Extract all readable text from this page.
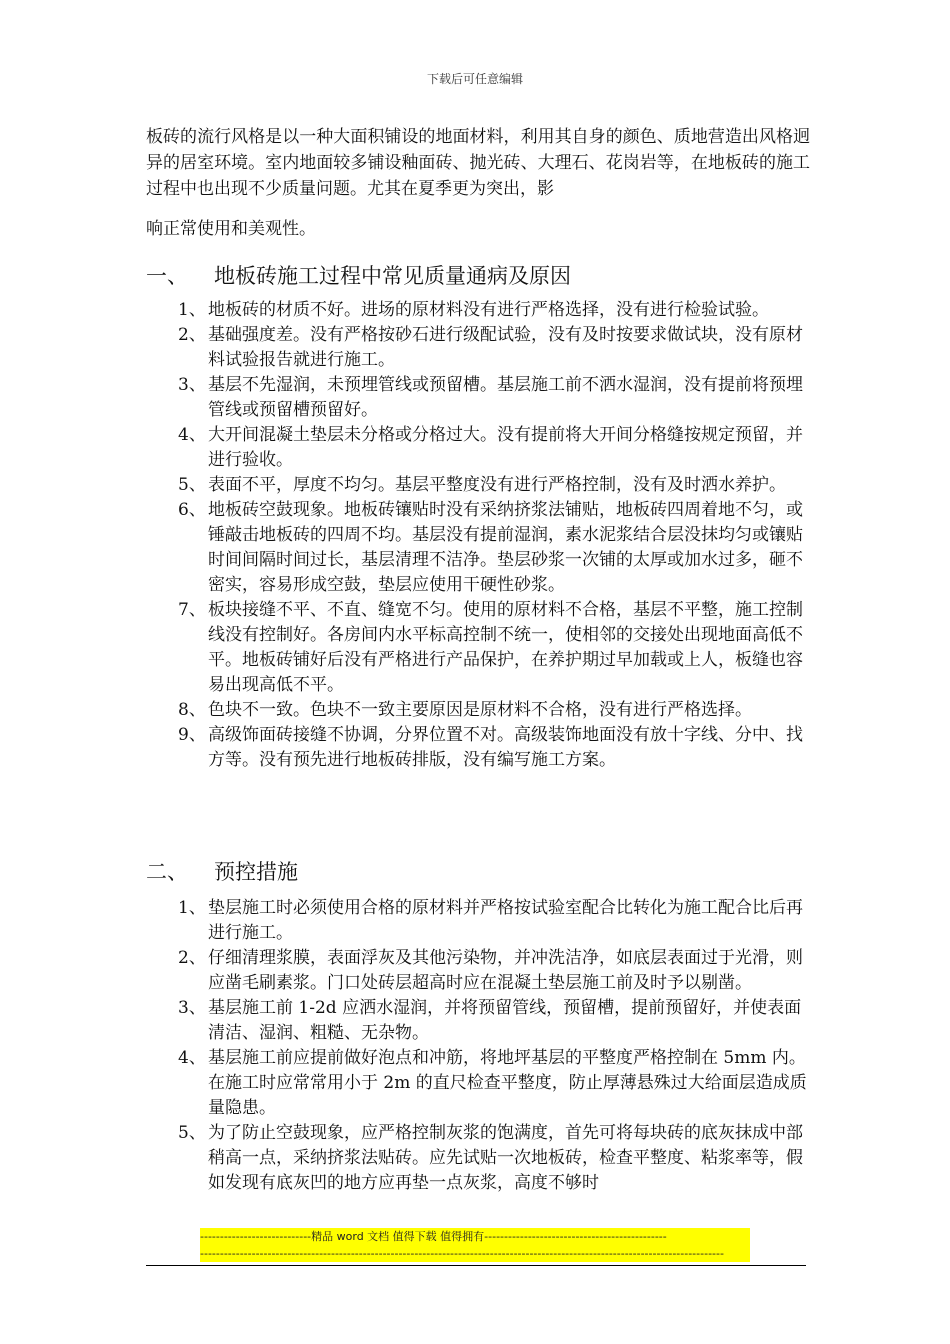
下载后可任意编辑

板砖的流行风格是以一种大面积铺设的地面材料，利用其自身的颜色、质地营造出风格迥异的居室环境。室内地面较多铺设釉面砖、抛光砖、大理石、花岗岩等，在地板砖的施工过程中也出现不少质量问题。尤其在夏季更为突出，影

响正常使用和美观性。

一、 地板砖施工过程中常见质量通病及原因
1、 地板砖的材质不好。进场的原材料没有进行严格选择，没有进行检验试验。
2、 基础强度差。没有严格按砂石进行级配试验，没有及时按要求做试块，没有原材料试验报告就进行施工。
3、 基层不先湿润，未预埋管线或预留槽。基层施工前不洒水湿润，没有提前将预埋管线或预留槽预留好。
4、 大开间混凝土垫层未分格或分格过大。没有提前将大开间分格缝按规定预留，并进行验收。
5、 表面不平，厚度不均匀。基层平整度没有进行严格控制，没有及时洒水养护。
6、 地板砖空鼓现象。地板砖镶贴时没有采纳挤浆法铺贴，地板砖四周着地不匀，或锤敲击地板砖的四周不均。基层没有提前湿润，素水泥浆结合层没抹均匀或镶贴时间间隔时间过长，基层清理不洁净。垫层砂浆一次铺的太厚或加水过多，砸不密实，容易形成空鼓，垫层应使用干硬性砂浆。
7、 板块接缝不平、不直、缝宽不匀。使用的原材料不合格，基层不平整，施工控制线没有控制好。各房间内水平标高控制不统一，使相邻的交接处出现地面高低不平。地板砖铺好后没有严格进行产品保护，在养护期过早加载或上人，板缝也容易出现高低不平。
8、 色块不一致。色块不一致主要原因是原材料不合格，没有进行严格选择。
9、 高级饰面砖接缝不协调，分界位置不对。高级装饰地面没有放十字线、分中、找方等。没有预先进行地板砖排版，没有编写施工方案。
二、 预控措施
1、 垫层施工时必须使用合格的原材料并严格按试验室配合比转化为施工配合比后再进行施工。
2、 仔细清理浆膜，表面浮灰及其他污染物，并冲洗洁净，如底层表面过于光滑，则应凿毛刷素浆。门口处砖层超高时应在混凝土垫层施工前及时予以剔凿。
3、 基层施工前 1-2d 应洒水湿润，并将预留管线，预留槽，提前预留好，并使表面清洁、湿润、粗糙、无杂物。
4、 基层施工前应提前做好泡点和冲筋，将地坪基层的平整度严格控制在 5mm 内。在施工时应常常用小于 2m 的直尺检查平整度，防止厚薄悬殊过大给面层造成质量隐患。
5、 为了防止空鼓现象，应严格控制灰浆的饱满度，首先可将每块砖的底灰抹成中部稍高一点，采纳挤浆法贴砖。应先试贴一次地板砖，检查平整度、粘浆率等，假如发现有底灰凹的地方应再垫一点灰浆，高度不够时
----------------------------精品 word 文档 值得下载 值得拥有----------------------------------------------
------------------------------------------------------------------------------------------------------------------------------------
